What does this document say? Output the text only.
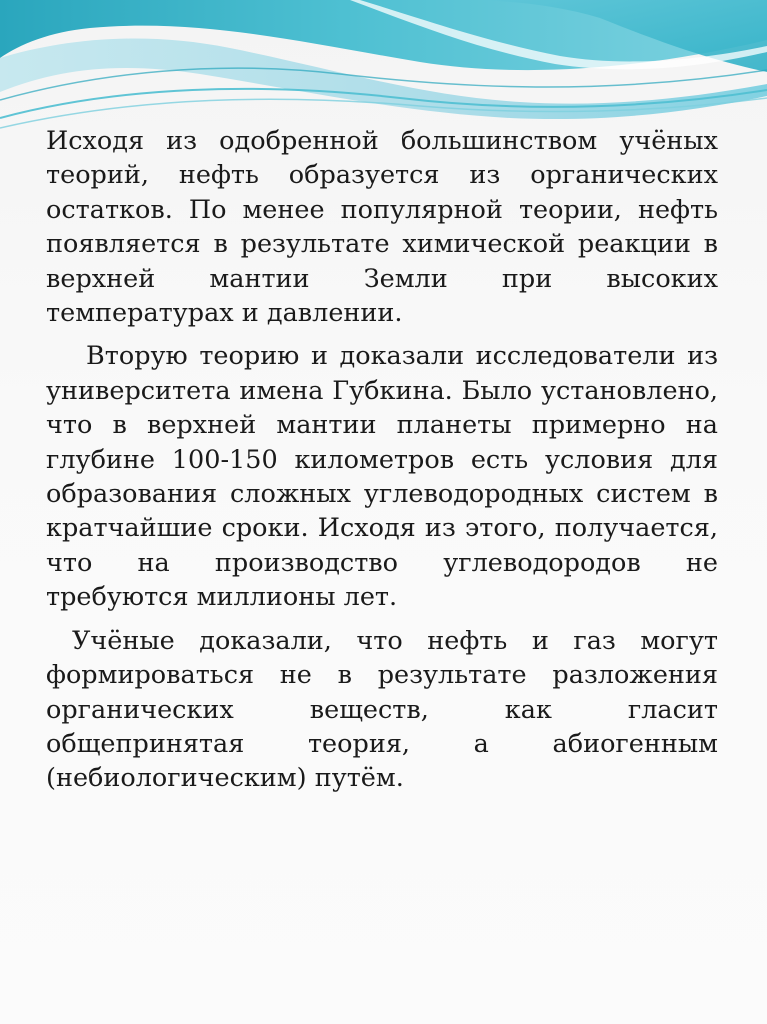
Исходя из одобренной большинством учёных теорий, нефть образуется из органических остатков. По менее популярной теории, нефть появляется в результате химической реакции в верхней мантии Земли при высоких температурах и давлении.

Вторую теорию и доказали исследователи из университета имена Губкина. Было установлено, что в верхней мантии планеты примерно на глубине 100-150 километров есть условия для образования сложных углеводородных систем в кратчайшие сроки. Исходя из этого, получается, что на производство углеводородов не требуются миллионы лет.

Учёные доказали, что нефть и газ могут формироваться не в результате разложения органических веществ, как гласит общепринятая теория, а абиогенным (небиологическим) путём.
